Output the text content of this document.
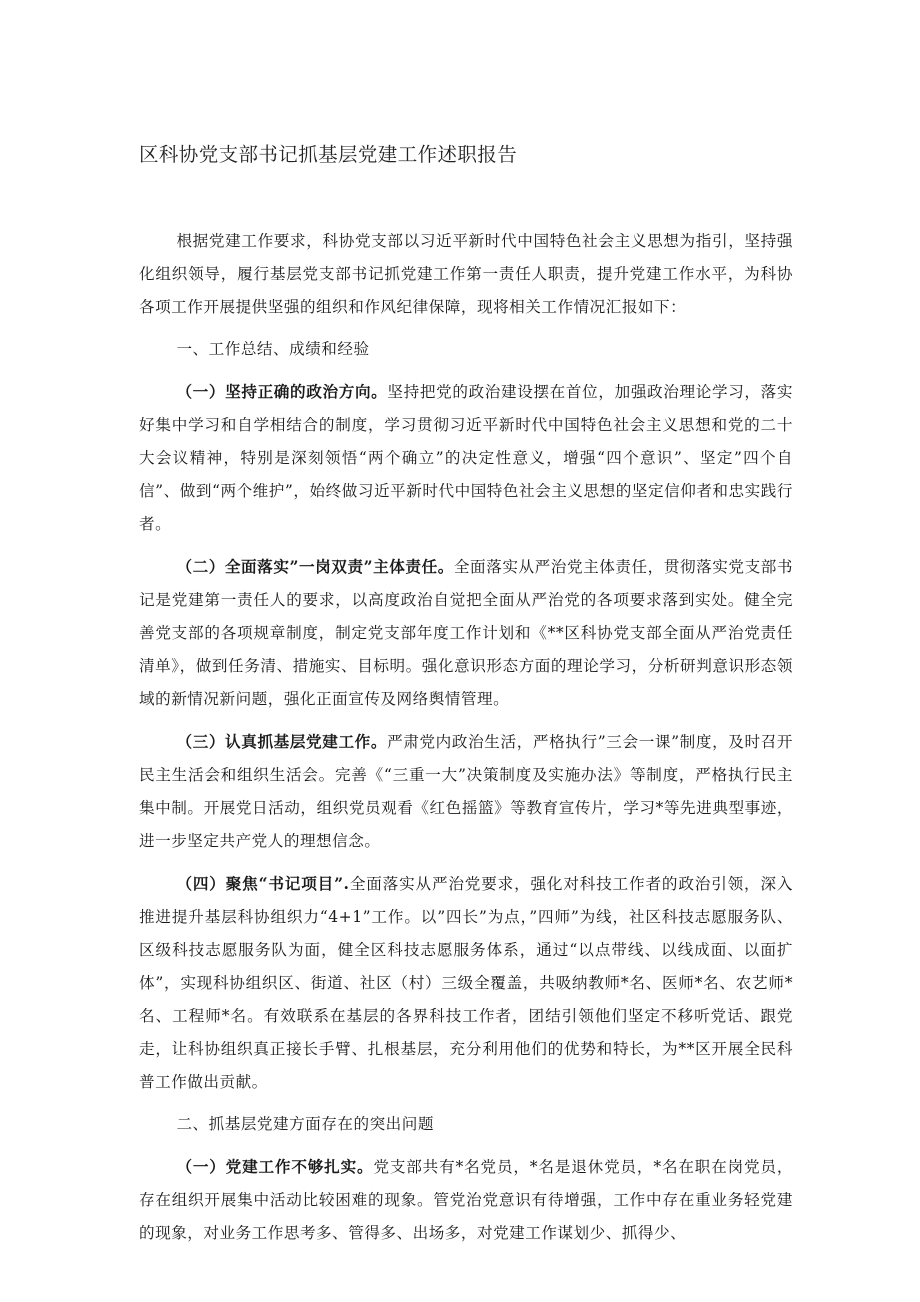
区科协党支部书记抓基层党建工作述职报告

根据党建工作要求，科协党支部以习近平新时代中国特色社会主义思想为指引，坚持强化组织领导，履行基层党支部书记抓党建工作第一责任人职责，提升党建工作水平，为科协各项工作开展提供坚强的组织和作风纪律保障，现将相关工作情况汇报如下：

一、工作总结、成绩和经验

（一）坚持正确的政治方向。坚持把党的政治建设摆在首位，加强政治理论学习，落实好集中学习和自学相结合的制度，学习贯彻习近平新时代中国特色社会主义思想和党的二十大会议精神，特别是深刻领悟“两个确立”的决定性意义，增强“四个意识”、坚定”四个自信”、做到“两个维护”，始终做习近平新时代中国特色社会主义思想的坚定信仰者和忠实践行者。

（二）全面落实”一岗双责”主体责任。全面落实从严治党主体责任，贯彻落实党支部书记是党建第一责任人的要求，以高度政治自觉把全面从严治党的各项要求落到实处。健全完善党支部的各项规章制度，制定党支部年度工作计划和《**区科协党支部全面从严治党责任清单》，做到任务清、措施实、目标明。强化意识形态方面的理论学习，分析研判意识形态领域的新情况新问题，强化正面宣传及网络舆情管理。

（三）认真抓基层党建工作。严肃党内政治生活，严格执行”三会一课”制度，及时召开民主生活会和组织生活会。完善《“三重一大”决策制度及实施办法》等制度，严格执行民主集中制。开展党日活动，组织党员观看《红色摇篮》等教育宣传片，学习*等先进典型事迹，进一步坚定共产党人的理想信念。

（四）聚焦“书记项目”.全面落实从严治党要求，强化对科技工作者的政治引领，深入推进提升基层科协组织力“4+1”工作。以”四长”为点，”四师”为线，社区科技志愿服务队、区级科技志愿服务队为面，健全区科技志愿服务体系，通过“以点带线、以线成面、以面扩体”，实现科协组织区、街道、社区（村）三级全覆盖，共吸纳教师*名、医师*名、农艺师*名、工程师*名。有效联系在基层的各界科技工作者，团结引领他们坚定不移听党话、跟党走，让科协组织真正接长手臂、扎根基层，充分利用他们的优势和特长，为**区开展全民科普工作做出贡献。

二、抓基层党建方面存在的突出问题

（一）党建工作不够扎实。党支部共有*名党员，*名是退休党员，*名在职在岗党员，存在组织开展集中活动比较困难的现象。管党治党意识有待增强，工作中存在重业务轻党建的现象，对业务工作思考多、管得多、出场多，对党建工作谋划少、抓得少、
